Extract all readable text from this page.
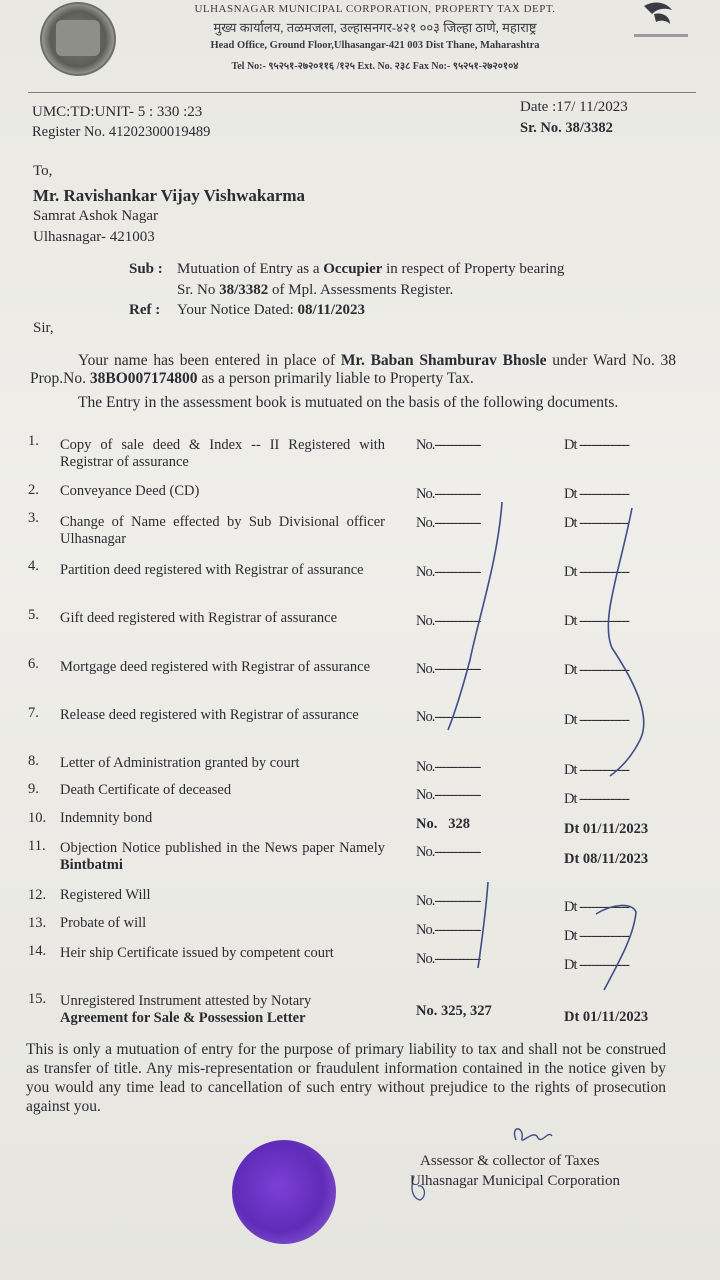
ULHASNAGAR MUNICIPAL CORPORATION, PROPERTY TAX DEPT.
मुख्य कार्यालय, तळमजला, उल्हासनगर-४२१ ००३ जिल्हा ठाणे, महाराष्ट्र
Head Office, Ground Floor,Ulhasangar-421 003 Dist Thane, Maharashtra
Tel No:- ९५२५१-२७२०११६ /१२५ Ext. No. २३८ Fax No:- ९५२५१-२७२०१०४
UMC:TD:UNIT- 5 : 330 :23
Register No. 41202300019489
Date :17/ 11/2023
Sr. No. 38/3382
To,
Mr. Ravishankar Vijay Vishwakarma
Samrat Ashok Nagar
Ulhasnagar- 421003
Sub : Mutuation of Entry as a Occupier in respect of Property bearing
Sr. No 38/3382 of Mpl. Assessments Register.
Ref : Your Notice Dated: 08/11/2023
Sir,
Your name has been entered in place of Mr. Baban Shamburav Bhosle under Ward No. 38 Prop.No. 38BO007174800 as a person primarily liable to Property Tax.
The Entry in the assessment book is mutuated on the basis of the following documents.
1. Copy of sale deed & Index -- II Registered with Registrar of assurance
No.------------	Dt -------------
2. Conveyance Deed (CD)	No.------------	Dt -------------
3. Change of Name effected by Sub Divisional officer Ulhasnagar
No.------------	Dt -------------
4. Partition deed registered with Registrar of assurance	No.------------	Dt -------------
5. Gift deed registered with Registrar of assurance	No.------------	Dt -------------
6. Mortgage deed registered with Registrar of assurance	No.------------	Dt -------------
7. Release deed registered with Registrar of assurance	No.------------	Dt -------------
8. Letter of Administration granted by court	No.------------	Dt -------------
9. Death Certificate of deceased	No.------------	Dt -------------
10. Indemnity bond	No.   328	Dt 01/11/2023
11. Objection Notice published in the News paper Namely Bintbatmi
No.------------	Dt 08/11/2023
12. Registered Will	No.------------	Dt -------------
13. Probate of will	No.------------	Dt -------------
14. Heir ship Certificate issued by competent court	No.------------	Dt -------------
15. Unregistered Instrument attested by Notary
Agreement for Sale & Possession Letter	No. 325, 327	Dt 01/11/2023
This is only a mutuation of entry for the purpose of primary liability to tax and shall not be construed as transfer of title. Any mis-representation or fraudulent information contained in the notice given by you would any time lead to cancellation of such entry without prejudice to the rights of prosecution against you.
Assessor & collector of Taxes
Ulhasnagar Municipal Corporation
